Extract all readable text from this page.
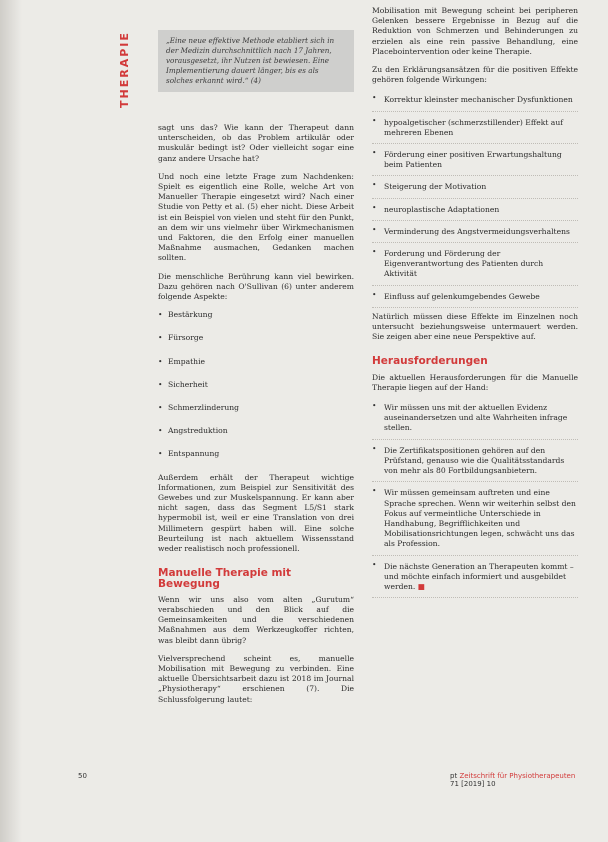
THERAPIE	„Eine neue effektive Methode etabliert sich in der Medizin durchschnittlich nach 17 Jahren, vorausgesetzt, ihr Nutzen ist bewiesen. Eine Implementierung dauert länger, bis es als solches erkannt wird.“ (4)

sagt uns das? Wie kann der Therapeut dann unterscheiden, ob das Problem artikulär oder muskulär bedingt ist? Oder vielleicht sogar eine ganz andere Ursache hat?

Und noch eine letzte Frage zum Nachdenken: Spielt es eigentlich eine Rolle, welche Art von Manueller Therapie eingesetzt wird? Nach einer Studie von Petty et al. (5) eher nicht. Diese Arbeit ist ein Beispiel von vielen und steht für den Punkt, an dem wir uns vielmehr über Wirkmechanismen und Faktoren, die den Erfolg einer manuellen Maßnahme ausmachen, Gedanken machen sollten.

Die menschliche Berührung kann viel bewirken. Dazu gehören nach O'Sullivan (6) unter anderem folgende Aspekte:

• Bestärkung
• Fürsorge
• Empathie
• Sicherheit
• Schmerzlinderung
• Angstreduktion
• Entspannung

Außerdem erhält der Therapeut wichtige Informationen, zum Beispiel zur Sensitivität des Gewebes und zur Muskelspannung. Er kann aber nicht sagen, dass das Segment L5/S1 stark hypermobil ist, weil er eine Translation von drei Millimetern gespürt haben will. Eine solche Beurteilung ist nach aktuellem Wissensstand weder realistisch noch professionell.

Manuelle Therapie mit Bewegung

Wenn wir uns also vom alten „Gurutum“ verabschieden und den Blick auf die Gemeinsamkeiten und die verschiedenen Maßnahmen aus dem Werkzeugkoffer richten, was bleibt dann übrig?

Vielversprechend scheint es, manuelle Mobilisation mit Bewegung zu verbinden. Eine aktuelle Übersichtsarbeit dazu ist 2018 im Journal „Physiotherapy“ erschienen (7). Die Schlussfolgerung lautet:

Mobilisation mit Bewegung scheint bei peripheren Gelenken bessere Ergebnisse in Bezug auf die Reduktion von Schmerzen und Behinderungen zu erzielen als eine rein passive Behandlung, eine Placebointervention oder keine Therapie.

Zu den Erklärungsansätzen für die positiven Effekte gehören folgende Wirkungen:

• Korrektur kleinster mechanischer Dysfunktionen
• hypoalgetischer (schmerzstillender) Effekt auf mehreren Ebenen
• Förderung einer positiven Erwartungshaltung beim Patienten
• Steigerung der Motivation
• neuroplastische Adaptationen
• Verminderung des Angstvermeidungsverhaltens
• Forderung und Förderung der Eigenverantwortung des Patienten durch Aktivität
• Einfluss auf gelenkumgebendes Gewebe

Natürlich müssen diese Effekte im Einzelnen noch untersucht beziehungsweise untermauert werden. Sie zeigen aber eine neue Perspektive auf.

Herausforderungen

Die aktuellen Herausforderungen für die Manuelle Therapie liegen auf der Hand:

• Wir müssen uns mit der aktuellen Evidenz auseinandersetzen und alte Wahrheiten infrage stellen.
• Die Zertifikatspositionen gehören auf den Prüfstand, genauso wie die Qualitätsstandards von mehr als 80 Fortbildungsanbietern.
• Wir müssen gemeinsam auftreten und eine Sprache sprechen. Wenn wir weiterhin selbst den Fokus auf vermeintliche Unterschiede in Handhabung, Begrifflichkeiten und Mobilisationsrichtungen legen, schwächt uns das als Profession.
• Die nächste Generation an Therapeuten kommt – und möchte einfach informiert und ausgebildet werden. ■
50	pt Zeitschrift für Physiotherapeuten 71 [2019] 10
